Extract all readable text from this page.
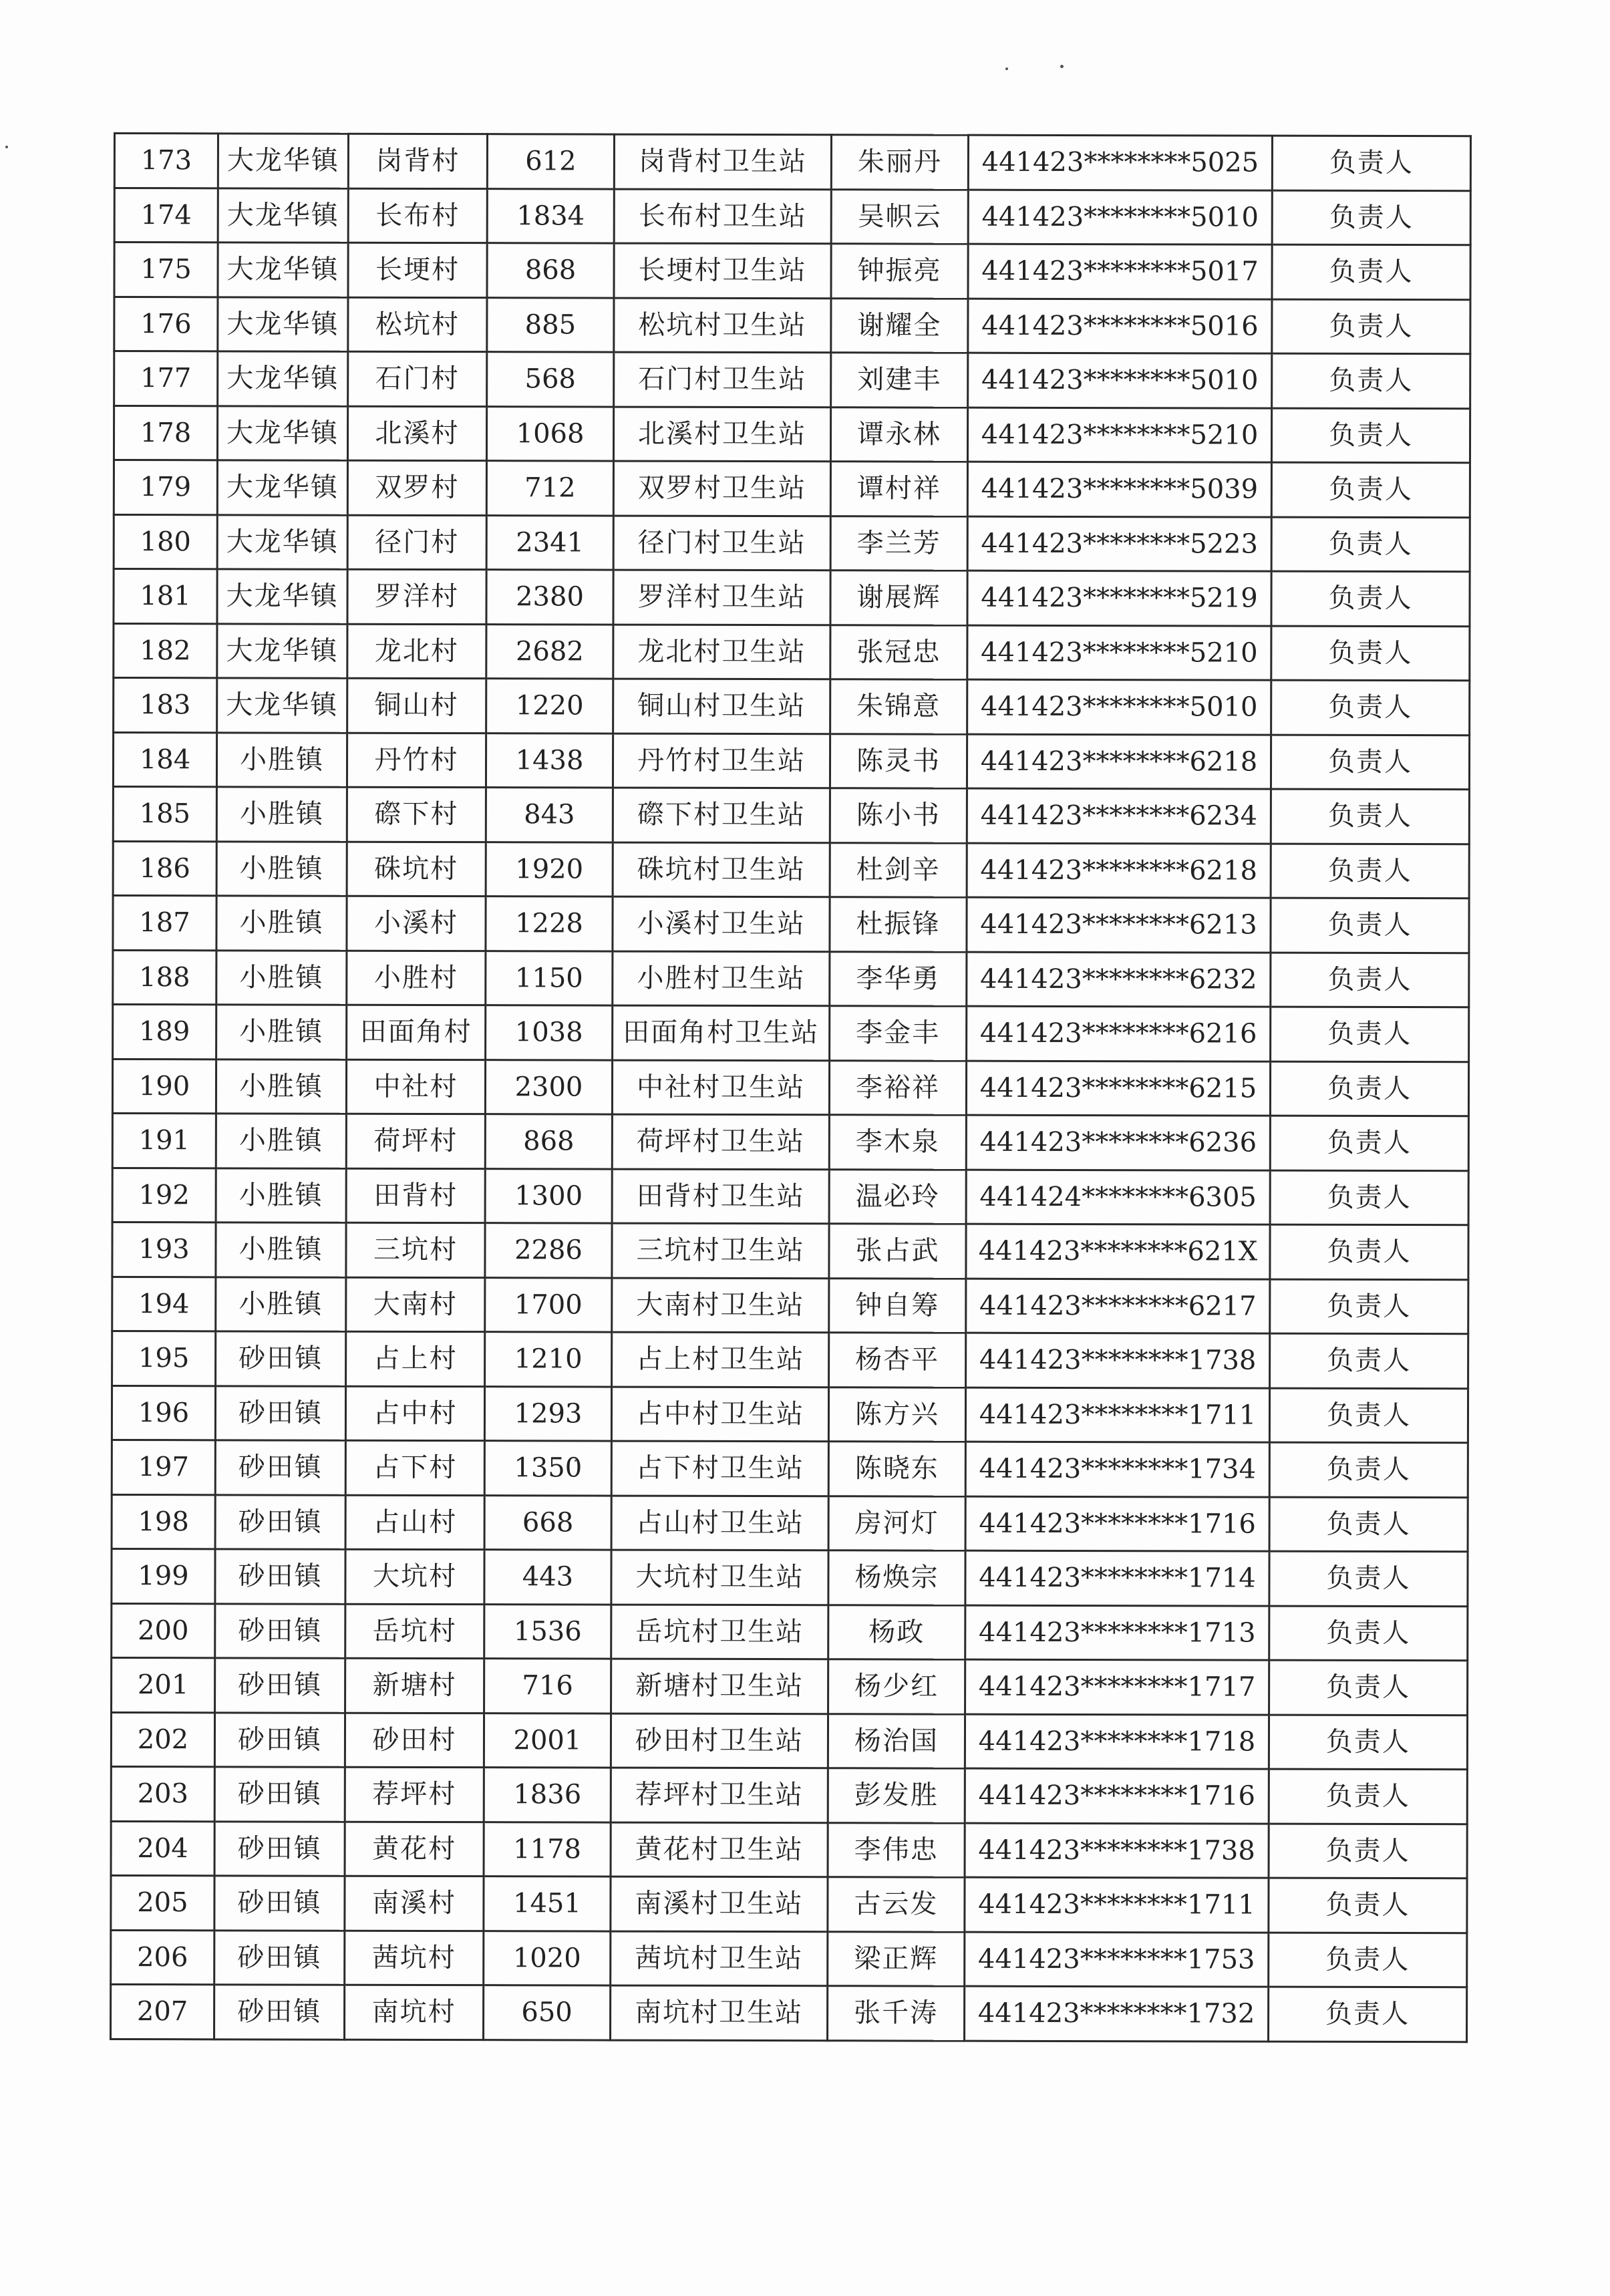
173	大龙华镇	岗背村	612	岗背村卫生站	朱丽丹	441423********5025	负责人
174	大龙华镇	长布村	1834	长布村卫生站	吴帜云	441423********5010	负责人
175	大龙华镇	长埂村	868	长埂村卫生站	钟振亮	441423********5017	负责人
176	大龙华镇	松坑村	885	松坑村卫生站	谢耀全	441423********5016	负责人
177	大龙华镇	石门村	568	石门村卫生站	刘建丰	441423********5010	负责人
178	大龙华镇	北溪村	1068	北溪村卫生站	谭永林	441423********5210	负责人
179	大龙华镇	双罗村	712	双罗村卫生站	谭村祥	441423********5039	负责人
180	大龙华镇	径门村	2341	径门村卫生站	李兰芳	441423********5223	负责人
181	大龙华镇	罗洋村	2380	罗洋村卫生站	谢展辉	441423********5219	负责人
182	大龙华镇	龙北村	2682	龙北村卫生站	张冠忠	441423********5210	负责人
183	大龙华镇	铜山村	1220	铜山村卫生站	朱锦意	441423********5010	负责人
184	小胜镇	丹竹村	1438	丹竹村卫生站	陈灵书	441423********6218	负责人
185	小胜镇	磜下村	843	磜下村卫生站	陈小书	441423********6234	负责人
186	小胜镇	硃坑村	1920	硃坑村卫生站	杜剑辛	441423********6218	负责人
187	小胜镇	小溪村	1228	小溪村卫生站	杜振锋	441423********6213	负责人
188	小胜镇	小胜村	1150	小胜村卫生站	李华勇	441423********6232	负责人
189	小胜镇	田面角村	1038	田面角村卫生站	李金丰	441423********6216	负责人
190	小胜镇	中社村	2300	中社村卫生站	李裕祥	441423********6215	负责人
191	小胜镇	荷坪村	868	荷坪村卫生站	李木泉	441423********6236	负责人
192	小胜镇	田背村	1300	田背村卫生站	温必玲	441424********6305	负责人
193	小胜镇	三坑村	2286	三坑村卫生站	张占武	441423********621X	负责人
194	小胜镇	大南村	1700	大南村卫生站	钟自筹	441423********6217	负责人
195	砂田镇	占上村	1210	占上村卫生站	杨杏平	441423********1738	负责人
196	砂田镇	占中村	1293	占中村卫生站	陈方兴	441423********1711	负责人
197	砂田镇	占下村	1350	占下村卫生站	陈晓东	441423********1734	负责人
198	砂田镇	占山村	668	占山村卫生站	房河灯	441423********1716	负责人
199	砂田镇	大坑村	443	大坑村卫生站	杨焕宗	441423********1714	负责人
200	砂田镇	岳坑村	1536	岳坑村卫生站	杨政	441423********1713	负责人
201	砂田镇	新塘村	716	新塘村卫生站	杨少红	441423********1717	负责人
202	砂田镇	砂田村	2001	砂田村卫生站	杨治国	441423********1718	负责人
203	砂田镇	荐坪村	1836	荐坪村卫生站	彭发胜	441423********1716	负责人
204	砂田镇	黄花村	1178	黄花村卫生站	李伟忠	441423********1738	负责人
205	砂田镇	南溪村	1451	南溪村卫生站	古云发	441423********1711	负责人
206	砂田镇	茜坑村	1020	茜坑村卫生站	梁正辉	441423********1753	负责人
207	砂田镇	南坑村	650	南坑村卫生站	张千涛	441423********1732	负责人
